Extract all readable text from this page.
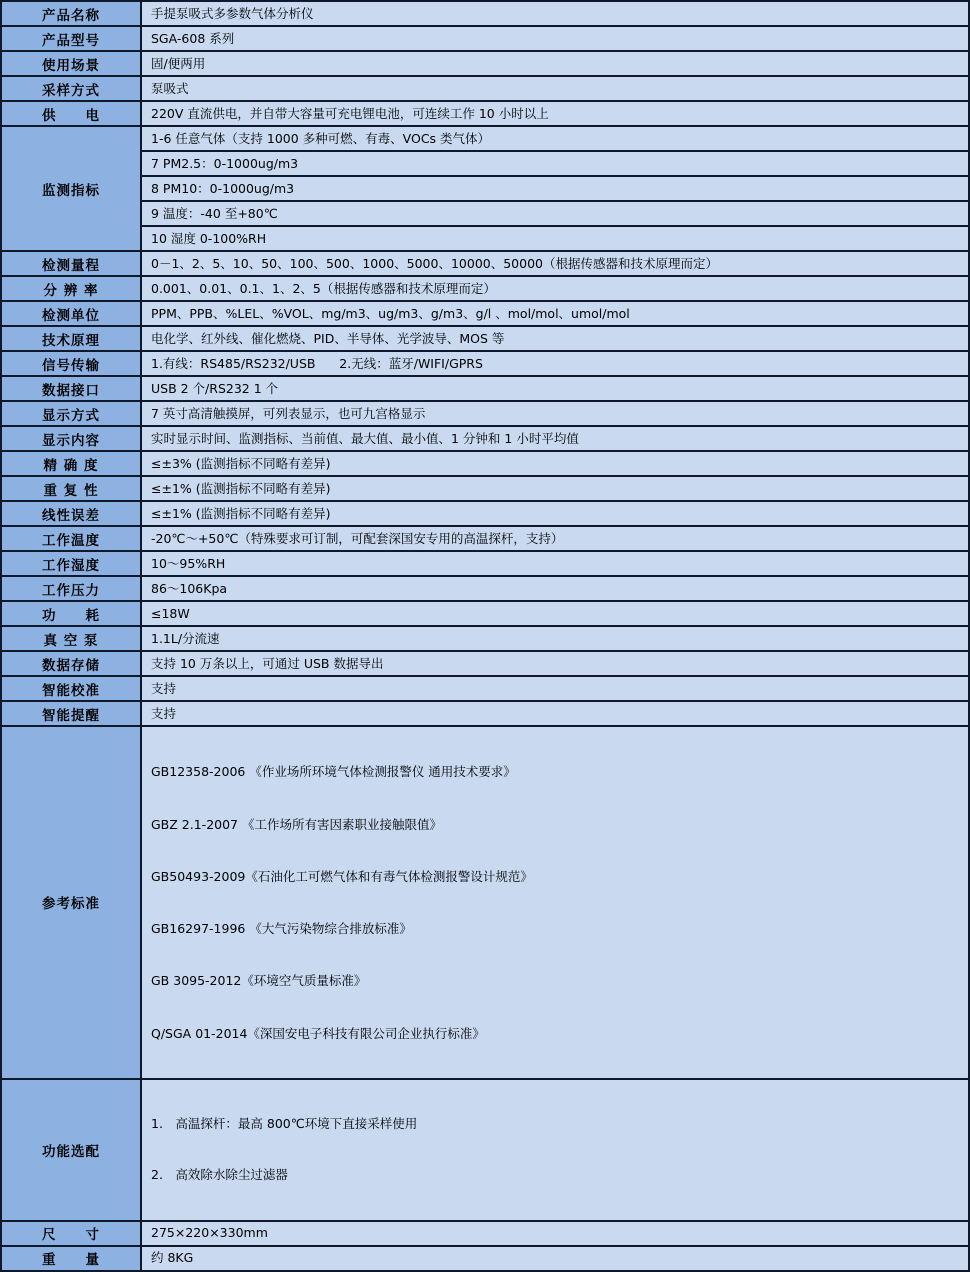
产品名称	手提泵吸式多参数气体分析仪
产品型号	SGA-608 系列
使用场景	固/便两用
采样方式	泵吸式
供　　电	220V 直流供电，并自带大容量可充电锂电池，可连续工作 10 小时以上
监测指标	1-6 任意气体（支持 1000 多种可燃、有毒、VOCs 类气体）
	7 PM2.5：0-1000ug/m3
	8 PM10：0-1000ug/m3
	9 温度：-40 至+80℃
	10 湿度 0-100%RH
检测量程	0－1、2、5、10、50、100、500、1000、5000、10000、50000（根据传感器和技术原理而定）
分 辨 率	0.001、0.01、0.1、1、2、5（根据传感器和技术原理而定）
检测单位	PPM、PPB、%LEL、%VOL、mg/m3、ug/m3、g/m3、g/l 、mol/mol、umol/mol
技术原理	电化学、红外线、催化燃烧、PID、半导体、光学波导、MOS 等
信号传输	1.有线：RS485/RS232/USB      2.无线：蓝牙/WIFI/GPRS
数据接口	USB 2 个/RS232 1 个
显示方式	7 英寸高清触摸屏，可列表显示，也可九宫格显示
显示内容	实时显示时间、监测指标、当前值、最大值、最小值、1 分钟和 1 小时平均值
精 确 度	≤±3% (监测指标不同略有差异)
重 复 性	≤±1% (监测指标不同略有差异)
线性误差	≤±1% (监测指标不同略有差异)
工作温度	-20℃～+50℃（特殊要求可订制，可配套深国安专用的高温探杆，支持）
工作湿度	10～95%RH
工作压力	86～106Kpa
功　　耗	≤18W
真 空 泵	1.1L/分流速
数据存储	支持 10 万条以上，可通过 USB 数据导出
智能校准	支持
智能提醒	支持
参考标准	

GB12358-2006 《作业场所环境气体检测报警仪 通用技术要求》

GBZ 2.1-2007 《工作场所有害因素职业接触限值》

GB50493-2009《石油化工可燃气体和有毒气体检测报警设计规范》

GB16297-1996 《大气污染物综合排放标准》

GB 3095-2012《环境空气质量标准》

Q/SGA 01-2014《深国安电子科技有限公司企业执行标准》

功能选配	1.　高温探杆：最高 800℃环境下直接采样使用

2.　高效除水除尘过滤器

尺　　寸	275×220×330mm
重　　量	约 8KG
